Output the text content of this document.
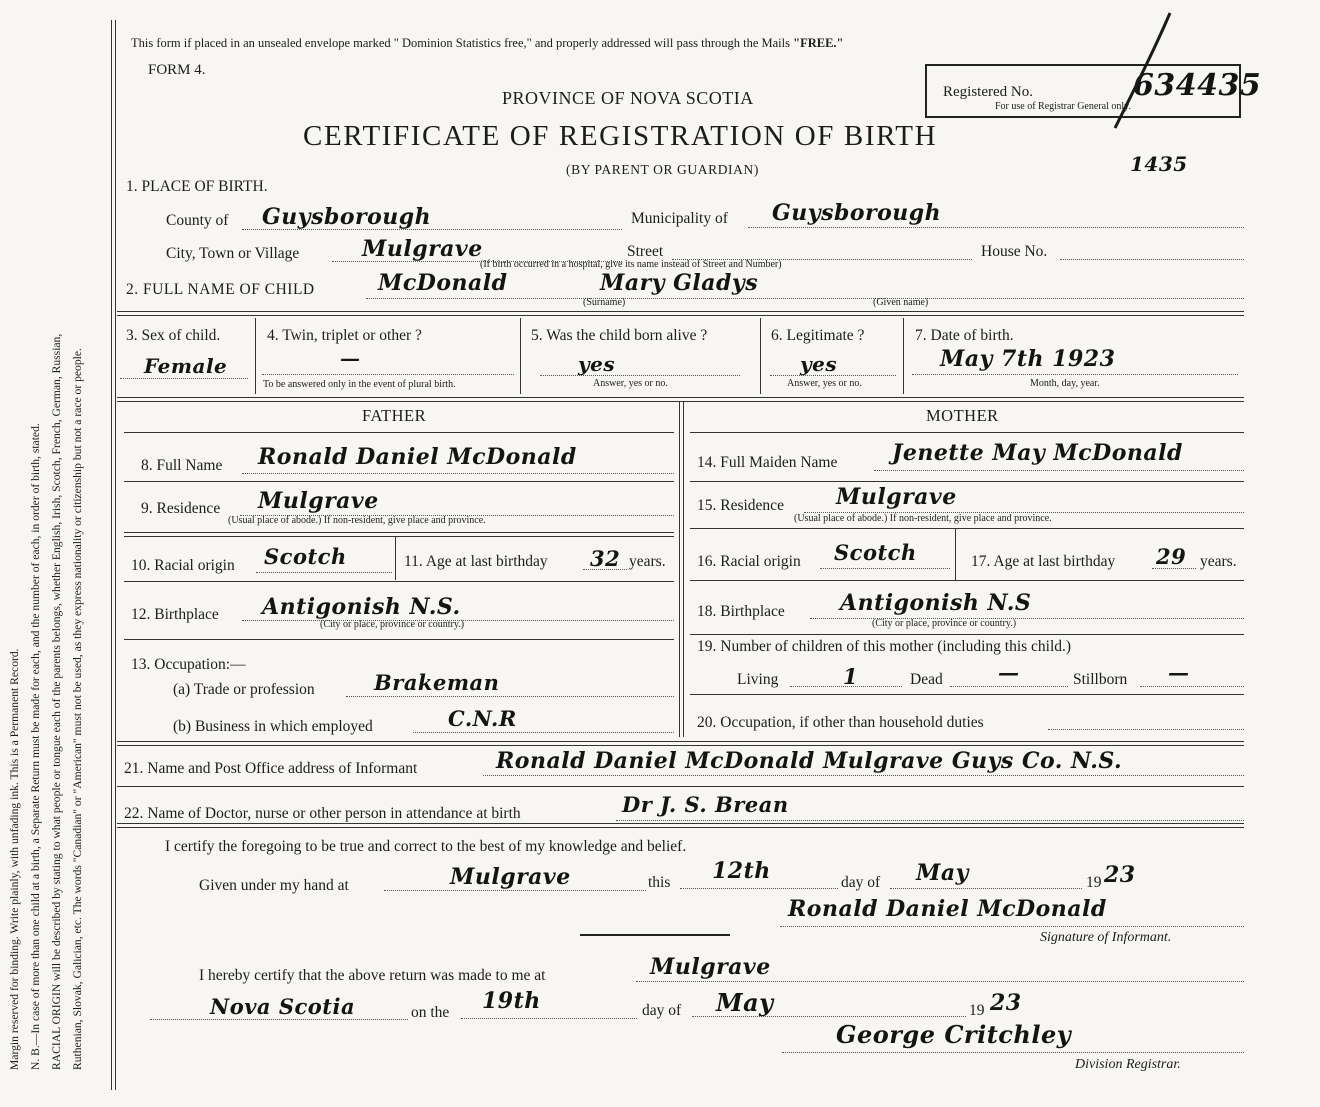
Margin reserved for binding. Write plainly, with unfading ink. This is a Permanent Record. N. B.—In case of more than one child at a birth, a Separate Return must be made for each, and the number of each, in order of birth, stated. RACIAL ORIGIN will be described by stating to what people or tongue each of the parents belongs, whether English, Irish, Scotch, French, German, Russian, Ruthenian, Slovak, Galician, etc. The words "Canadian" or "American" must not be used, as they express nationality or citizenship but not a race or people.
This form if placed in an unsealed envelope marked " Dominion Statistics free," and properly addressed will pass through the Mails "FREE."
FORM 4.
PROVINCE OF NOVA SCOTIA
CERTIFICATE OF REGISTRATION OF BIRTH
(BY PARENT OR GUARDIAN)
Registered No.
For use of Registrar General only.
634435
1435
1. PLACE OF BIRTH.
County of Guysborough	Municipality of Guysborough
City, Town or Village	Mulgrave	Street
(If birth occurred in a hospital, give its name instead of Street and Number)
House No.
2. FULL NAME OF CHILD	McDonald	Mary Gladys
(Surname)	(Given name)
3. Sex of child.
Female
4. Twin, triplet or other ?
—
To be answered only in the event of plural birth.
5. Was the child born alive ?
yes
Answer, yes or no.
6. Legitimate ?
yes
Answer, yes or no.
7. Date of birth.
May 7th 1923
Month, day, year.
FATHER	MOTHER
8. Full Name Ronald Daniel McDonald
9. Residence Mulgrave
(Usual place of abode.) If non-resident, give place and province.
10. Racial origin Scotch	11. Age at last birthday 32 years.
12. Birthplace Antigonish N.S.
(City or place, province or country.)
13. Occupation:—
(a) Trade or profession	Brakeman
(b) Business in which employed	C.N.R
14. Full Maiden Name Jenette May McDonald
15. Residence Mulgrave
(Usual place of abode.) If non-resident, give place and province.
16. Racial origin Scotch	17. Age at last birthday 29 years.
18. Birthplace	Antigonish N.S
(City or place, province or country.)
19. Number of children of this mother (including this child.)
Living	1	Dead	—	Stillborn —
20. Occupation, if other than household duties
21. Name and Post Office address of Informant	Ronald Daniel McDonald Mulgrave Guys Co. N.S.
22. Name of Doctor, nurse or other person in attendance at birth	Dr J. S. Brean
I certify the foregoing to be true and correct to the best of my knowledge and belief.
Given under my hand at	Mulgrave	this 12th	day of May	19 23
Ronald Daniel McDonald
Signature of Informant.
I hereby certify that the above return was made to me at	Mulgrave
Nova Scotia	on the 19th	day of May	19 23
George Critchley
Division Registrar.
